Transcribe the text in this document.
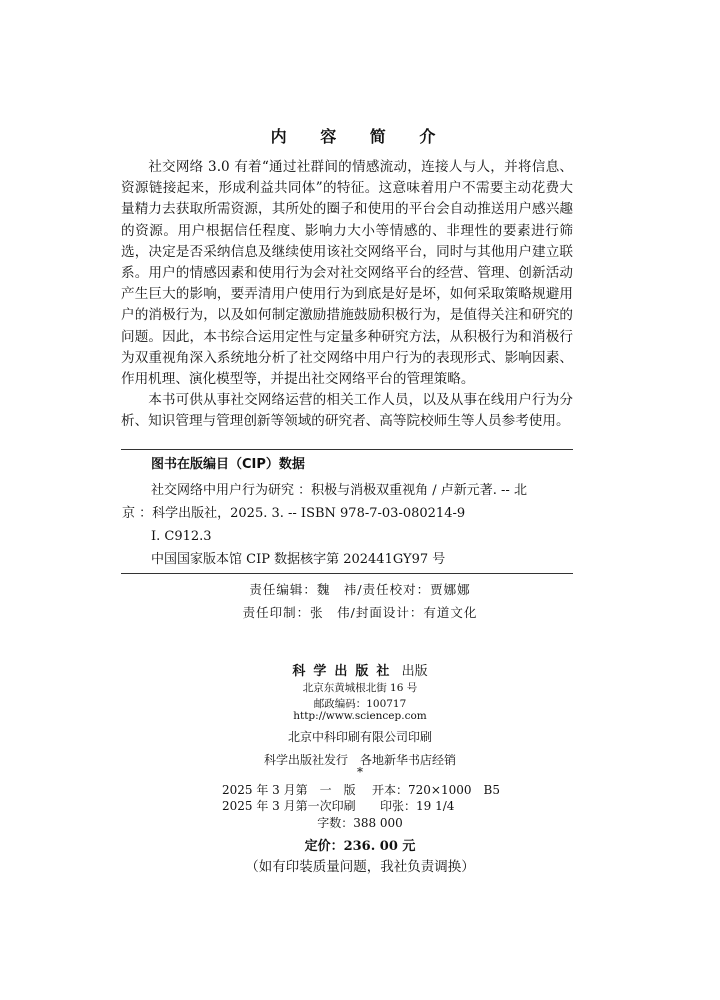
内 容 简 介

社交网络 3.0 有着“通过社群间的情感流动，连接人与人，并将信息、资源链接起来，形成利益共同体”的特征。这意味着用户不需要主动花费大量精力去获取所需资源，其所处的圈子和使用的平台会自动推送用户感兴趣的资源。用户根据信任程度、影响力大小等情感的、非理性的要素进行筛选，决定是否采纳信息及继续使用该社交网络平台，同时与其他用户建立联系。用户的情感因素和使用行为会对社交网络平台的经营、管理、创新活动产生巨大的影响，要弄清用户使用行为到底是好是坏，如何采取策略规避用户的消极行为，以及如何制定激励措施鼓励积极行为，是值得关注和研究的问题。因此，本书综合运用定性与定量多种研究方法，从积极行为和消极行为双重视角深入系统地分析了社交网络中用户行为的表现形式、影响因素、作用机理、演化模型等，并提出社交网络平台的管理策略。

本书可供从事社交网络运营的相关工作人员，以及从事在线用户行为分析、知识管理与管理创新等领域的研究者、高等院校师生等人员参考使用。

图书在版编目（CIP）数据
社交网络中用户行为研究 ：积极与消极双重视角 / 卢新元著. -- 北
京 ：科学出版社，2025. 3. -- ISBN 978-7-03-080214-9
Ⅰ. C912.3
中国国家版本馆 CIP 数据核字第 202441GY97 号
责任编辑：魏　祎/责任校对：贾娜娜
责任印制：张　伟/封面设计：有道文化
科学出版社 出版
北京东黄城根北街 16 号
邮政编码：100717
http://www.sciencep.com
北京中科印刷有限公司印刷
科学出版社发行　各地新华书店经销
*
2025 年 3 月第　一　版 开本：720×1000　B5
2025 年 3 月第一次印刷 印张：19 1/4
字数：388 000
定价：236. 00 元
（如有印装质量问题，我社负责调换）
